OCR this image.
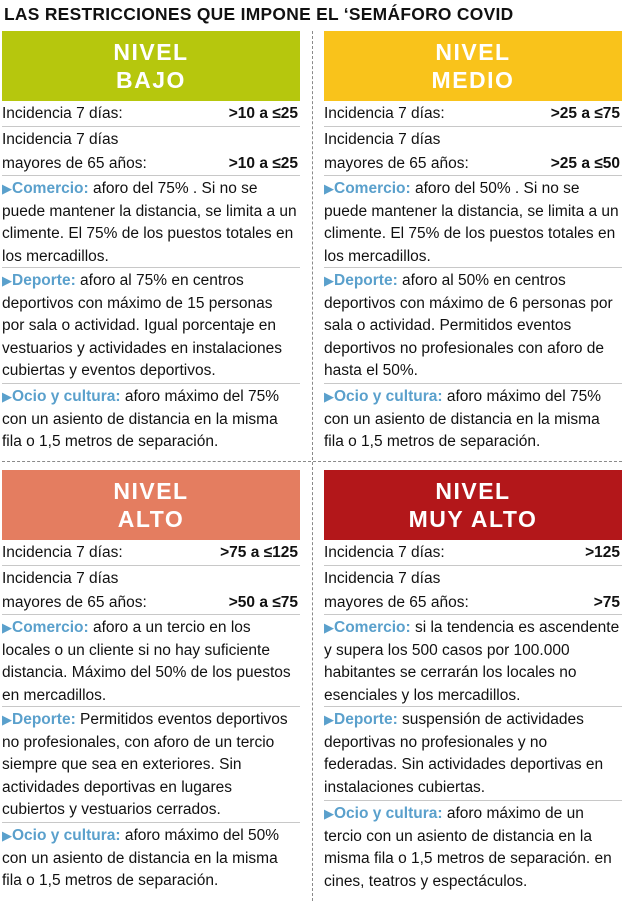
LAS RESTRICCIONES QUE IMPONE EL ‘SEMÁFORO COVID
NIVEL
BAJO
Incidencia 7 días:	>10 a ≤25
Incidencia 7 días
mayores de 65 años:	>10 a ≤25
▶Comercio: aforo del 75% . Si no se puede mantener la distancia, se limita a un climente. El 75% de los puestos totales en los mercadillos.
▶Deporte: aforo al 75% en centros deportivos con máximo de 15 personas por sala o actividad. Igual porcentaje en vestuarios y actividades en instalaciones cubiertas y eventos deportivos.
▶Ocio y cultura: aforo máximo del 75% con un asiento de distancia en la misma fila o 1,5 metros de separación.
NIVEL
MEDIO
Incidencia 7 días:	>25 a ≤75
Incidencia 7 días
mayores de 65 años:	>25 a ≤50
▶Comercio: aforo del 50% . Si no se puede mantener la distancia, se limita a un climente. El 75% de los puestos totales en los mercadillos.
▶Deporte: aforo al 50% en centros deportivos con máximo de 6 personas por sala o actividad. Permitidos eventos deportivos no profesionales con aforo de hasta el 50%.
▶Ocio y cultura: aforo máximo del 75% con un asiento de distancia en la misma fila o 1,5 metros de separación.
NIVEL
ALTO
Incidencia 7 días:	>75 a ≤125
Incidencia 7 días
mayores de 65 años:	>50 a ≤75
▶Comercio: aforo a un tercio en los locales o un cliente si no hay suficiente distancia. Máximo del 50% de los puestos en mercadillos.
▶Deporte: Permitidos eventos deportivos no profesionales, con aforo de un tercio siempre que sea en exteriores. Sin actividades deportivas en lugares cubiertos y vestuarios cerrados.
▶Ocio y cultura: aforo máximo del 50% con un asiento de distancia en la misma fila o 1,5 metros de separación.
NIVEL
MUY ALTO
Incidencia 7 días:	>125
Incidencia 7 días
mayores de 65 años:	>75
▶Comercio: si la tendencia es ascendente y supera los 500 casos por 100.000 habitantes se cerrarán los locales no esenciales y los mercadillos.
▶Deporte: suspensión de actividades deportivas no profesionales y no federadas. Sin actividades deportivas en instalaciones cubiertas.
▶Ocio y cultura: aforo máximo de un tercio con un asiento de distancia en la misma fila o 1,5 metros de separación. en cines, teatros y espectáculos.
